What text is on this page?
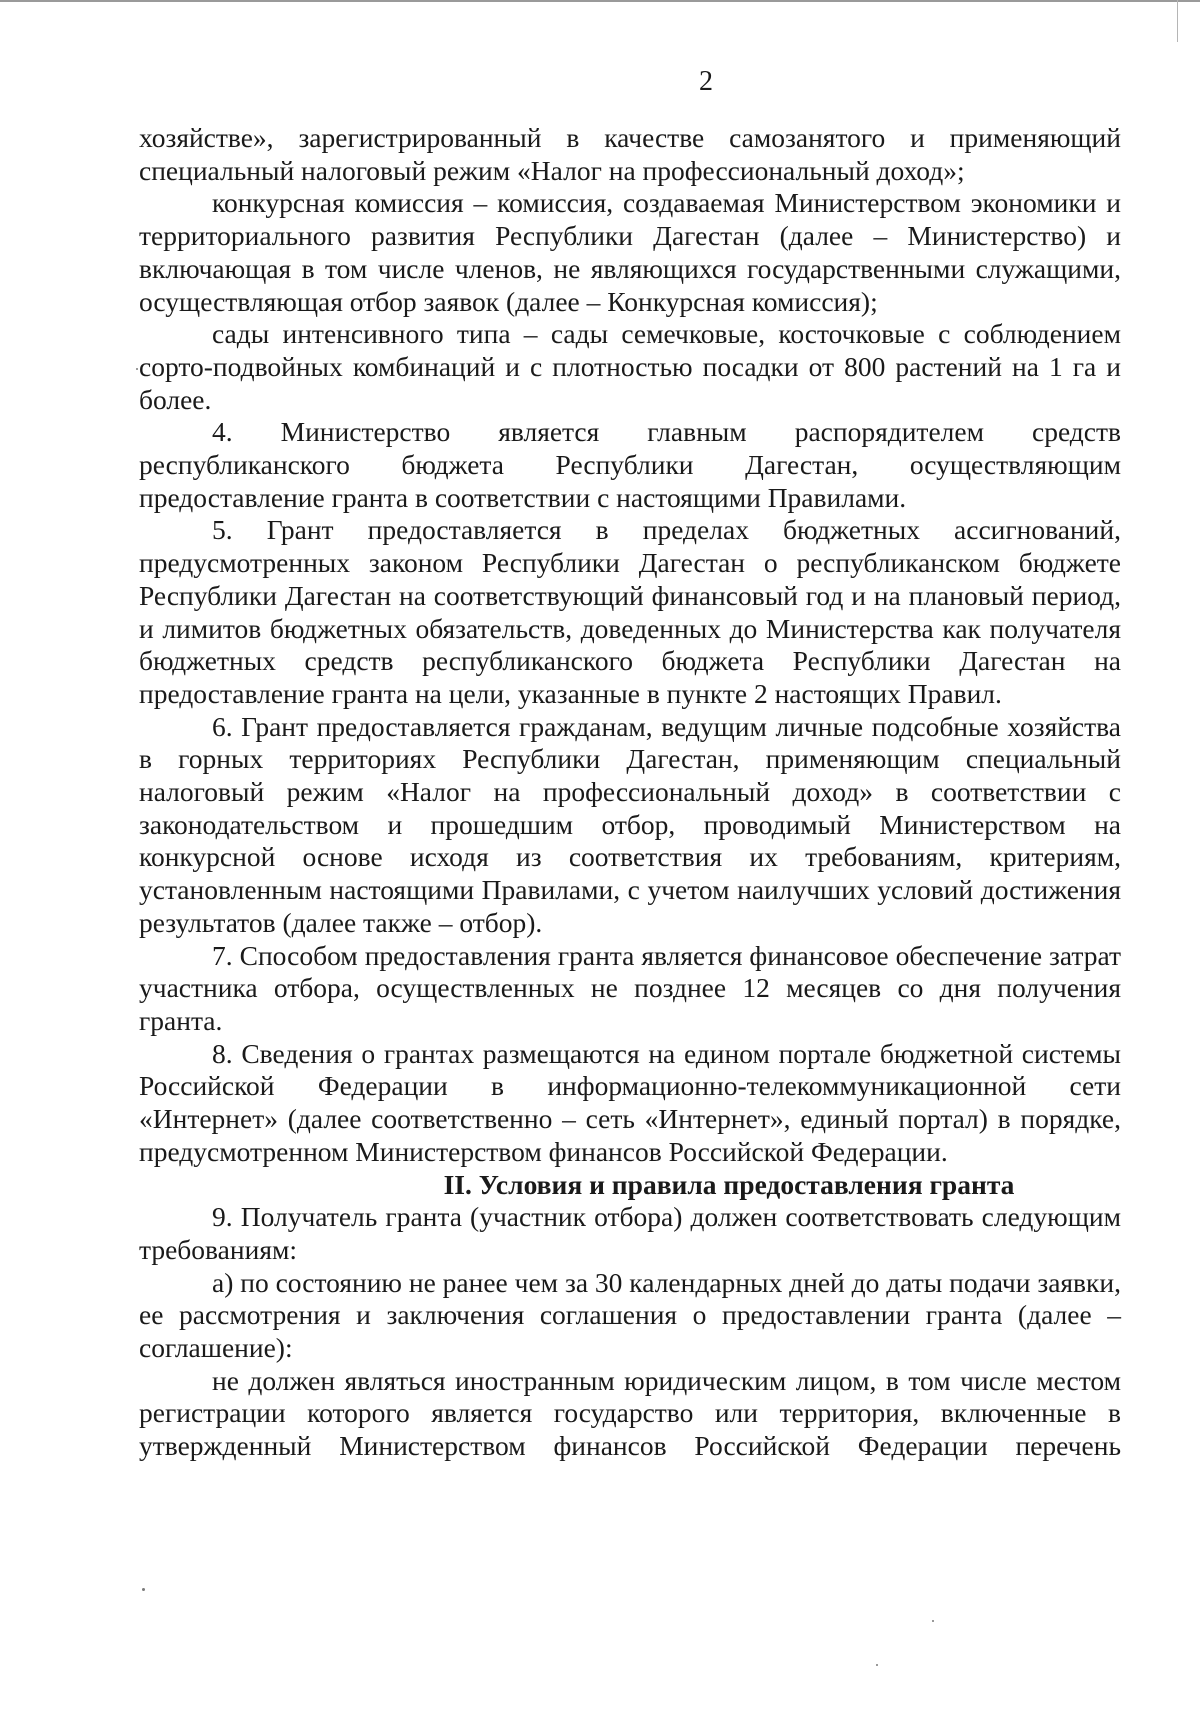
2

хозяйстве», зарегистрированный в качестве самозанятого и применяющий специальный налоговый режим «Налог на профессиональный доход»;

конкурсная комиссия – комиссия, создаваемая Министерством экономики и территориального развития Республики Дагестан (далее – Министерство) и включающая в том числе членов, не являющихся государственными служащими, осуществляющая отбор заявок (далее – Конкурсная комиссия);

сады интенсивного типа – сады семечковые, косточковые с соблюдением сорто-подвойных комбинаций и с плотностью посадки от 800 растений на 1 га и более.

4. Министерство является главным распорядителем средств республиканского бюджета Республики Дагестан, осуществляющим предоставление гранта в соответствии с настоящими Правилами.

5. Грант предоставляется в пределах бюджетных ассигнований, предусмотренных законом Республики Дагестан о республиканском бюджете Республики Дагестан на соответствующий финансовый год и на плановый период, и лимитов бюджетных обязательств, доведенных до Министерства как получателя бюджетных средств республиканского бюджета Республики Дагестан на предоставление гранта на цели, указанные в пункте 2 настоящих Правил.

6. Грант предоставляется гражданам, ведущим личные подсобные хозяйства в горных территориях Республики Дагестан, применяющим специальный налоговый режим «Налог на профессиональный доход» в соответствии с законодательством и прошедшим отбор, проводимый Министерством на конкурсной основе исходя из соответствия их требованиям, критериям, установленным настоящими Правилами, с учетом наилучших условий достижения результатов (далее также – отбор).

7. Способом предоставления гранта является финансовое обеспечение затрат участника отбора, осуществленных не позднее 12 месяцев со дня получения гранта.

8. Сведения о грантах размещаются на едином портале бюджетной системы Российской Федерации в информационно-телекоммуникационной сети «Интернет» (далее соответственно – сеть «Интернет», единый портал) в порядке, предусмотренном Министерством финансов Российской Федерации.

II. Условия и правила предоставления гранта

9. Получатель гранта (участник отбора) должен соответствовать следующим требованиям:

а) по состоянию не ранее чем за 30 календарных дней до даты подачи заявки, ее рассмотрения и заключения соглашения о предоставлении гранта (далее – соглашение):

не должен являться иностранным юридическим лицом, в том числе местом регистрации которого является государство или территория, включенные в утвержденный Министерством финансов Российской Федерации перечень
